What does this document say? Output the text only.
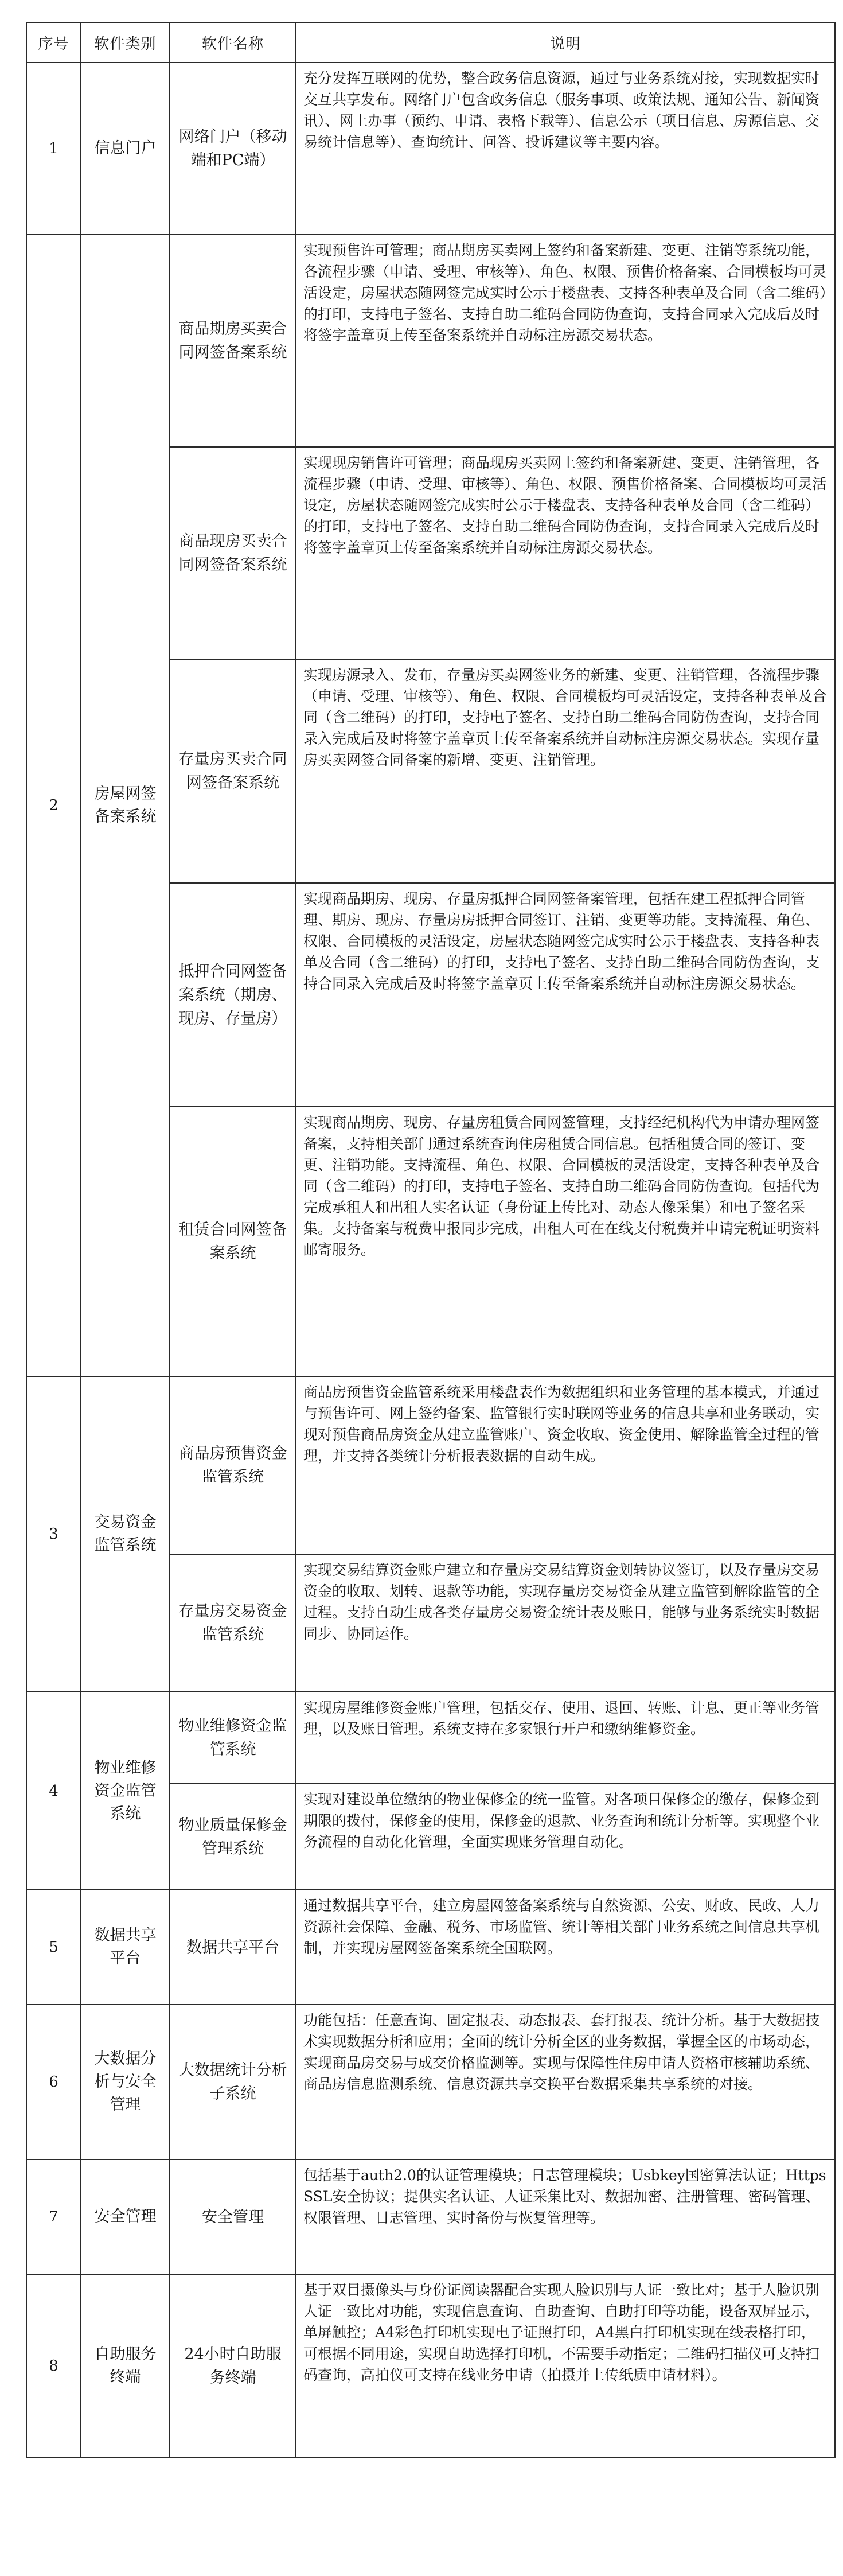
序号	软件类别	软件名称	说明
1	信息门户	网络门户（移动端和PC端）	充分发挥互联网的优势，整合政务信息资源，通过与业务系统对接，实现数据实时交互共享发布。网络门户包含政务信息（服务事项、政策法规、通知公告、新闻资讯）、网上办事（预约、申请、表格下载等）、信息公示（项目信息、房源信息、交易统计信息等）、查询统计、问答、投诉建议等主要内容。
2	房屋网签备案系统	商品期房买卖合同网签备案系统	实现预售许可管理；商品期房买卖网上签约和备案新建、变更、注销等系统功能，各流程步骤（申请、受理、审核等）、角色、权限、预售价格备案、合同模板均可灵活设定，房屋状态随网签完成实时公示于楼盘表、支持各种表单及合同（含二维码）的打印，支持电子签名、支持自助二维码合同防伪查询，支持合同录入完成后及时将签字盖章页上传至备案系统并自动标注房源交易状态。
		商品现房买卖合同网签备案系统	实现现房销售许可管理；商品现房买卖网上签约和备案新建、变更、注销管理，各流程步骤（申请、受理、审核等）、角色、权限、预售价格备案、合同模板均可灵活设定，房屋状态随网签完成实时公示于楼盘表、支持各种表单及合同（含二维码）的打印，支持电子签名、支持自助二维码合同防伪查询，支持合同录入完成后及时将签字盖章页上传至备案系统并自动标注房源交易状态。
		存量房买卖合同网签备案系统	实现房源录入、发布，存量房买卖网签业务的新建、变更、注销管理，各流程步骤（申请、受理、审核等）、角色、权限、合同模板均可灵活设定，支持各种表单及合同（含二维码）的打印，支持电子签名、支持自助二维码合同防伪查询，支持合同录入完成后及时将签字盖章页上传至备案系统并自动标注房源交易状态。实现存量房买卖网签合同备案的新增、变更、注销管理。
		抵押合同网签备案系统（期房、现房、存量房）	实现商品期房、现房、存量房抵押合同网签备案管理，包括在建工程抵押合同管理、期房、现房、存量房房抵押合同签订、注销、变更等功能。支持流程、角色、权限、合同模板的灵活设定，房屋状态随网签完成实时公示于楼盘表、支持各种表单及合同（含二维码）的打印，支持电子签名、支持自助二维码合同防伪查询，支持合同录入完成后及时将签字盖章页上传至备案系统并自动标注房源交易状态。
		租赁合同网签备案系统	实现商品期房、现房、存量房租赁合同网签管理，支持经纪机构代为申请办理网签备案，支持相关部门通过系统查询住房租赁合同信息。包括租赁合同的签订、变更、注销功能。支持流程、角色、权限、合同模板的灵活设定，支持各种表单及合同（含二维码）的打印，支持电子签名、支持自助二维码合同防伪查询。包括代为完成承租人和出租人实名认证（身份证上传比对、动态人像采集）和电子签名采集。支持备案与税费申报同步完成，出租人可在在线支付税费并申请完税证明资料邮寄服务。
3	交易资金监管系统	商品房预售资金监管系统	商品房预售资金监管系统采用楼盘表作为数据组织和业务管理的基本模式，并通过与预售许可、网上签约备案、监管银行实时联网等业务的信息共享和业务联动，实现对预售商品房资金从建立监管账户、资金收取、资金使用、解除监管全过程的管理，并支持各类统计分析报表数据的自动生成。
		存量房交易资金监管系统	实现交易结算资金账户建立和存量房交易结算资金划转协议签订，以及存量房交易资金的收取、划转、退款等功能，实现存量房交易资金从建立监管到解除监管的全过程。支持自动生成各类存量房交易资金统计表及账目，能够与业务系统实时数据同步、协同运作。
4	物业维修资金监管系统	物业维修资金监管系统	实现房屋维修资金账户管理，包括交存、使用、退回、转账、计息、更正等业务管理，以及账目管理。系统支持在多家银行开户和缴纳维修资金。
		物业质量保修金管理系统	实现对建设单位缴纳的物业保修金的统一监管。对各项目保修金的缴存，保修金到期限的拨付，保修金的使用，保修金的退款、业务查询和统计分析等。实现整个业务流程的自动化化管理，全面实现账务管理自动化。
5	数据共享平台	数据共享平台	通过数据共享平台，建立房屋网签备案系统与自然资源、公安、财政、民政、人力资源社会保障、金融、税务、市场监管、统计等相关部门业务系统之间信息共享机制，并实现房屋网签备案系统全国联网。
6	大数据分析与安全管理	大数据统计分析子系统	功能包括：任意查询、固定报表、动态报表、套打报表、统计分析。基于大数据技术实现数据分析和应用；全面的统计分析全区的业务数据，掌握全区的市场动态，实现商品房交易与成交价格监测等。实现与保障性住房申请人资格审核辅助系统、商品房信息监测系统、信息资源共享交换平台数据采集共享系统的对接。
7	安全管理	安全管理	包括基于auth2.0的认证管理模块；日志管理模块；Usbkey国密算法认证；Https SSL安全协议；提供实名认证、人证采集比对、数据加密、注册管理、密码管理、权限管理、日志管理、实时备份与恢复管理等。
8	自助服务终端	24小时自助服务终端	基于双目摄像头与身份证阅读器配合实现人脸识别与人证一致比对；基于人脸识别人证一致比对功能，实现信息查询、自助查询、自助打印等功能，设备双屏显示，单屏触控；A4彩色打印机实现电子证照打印，A4黑白打印机实现在线表格打印，可根据不同用途，实现自助选择打印机，不需要手动指定；二维码扫描仪可支持扫码查询，高拍仪可支持在线业务申请（拍摄并上传纸质申请材料）。
